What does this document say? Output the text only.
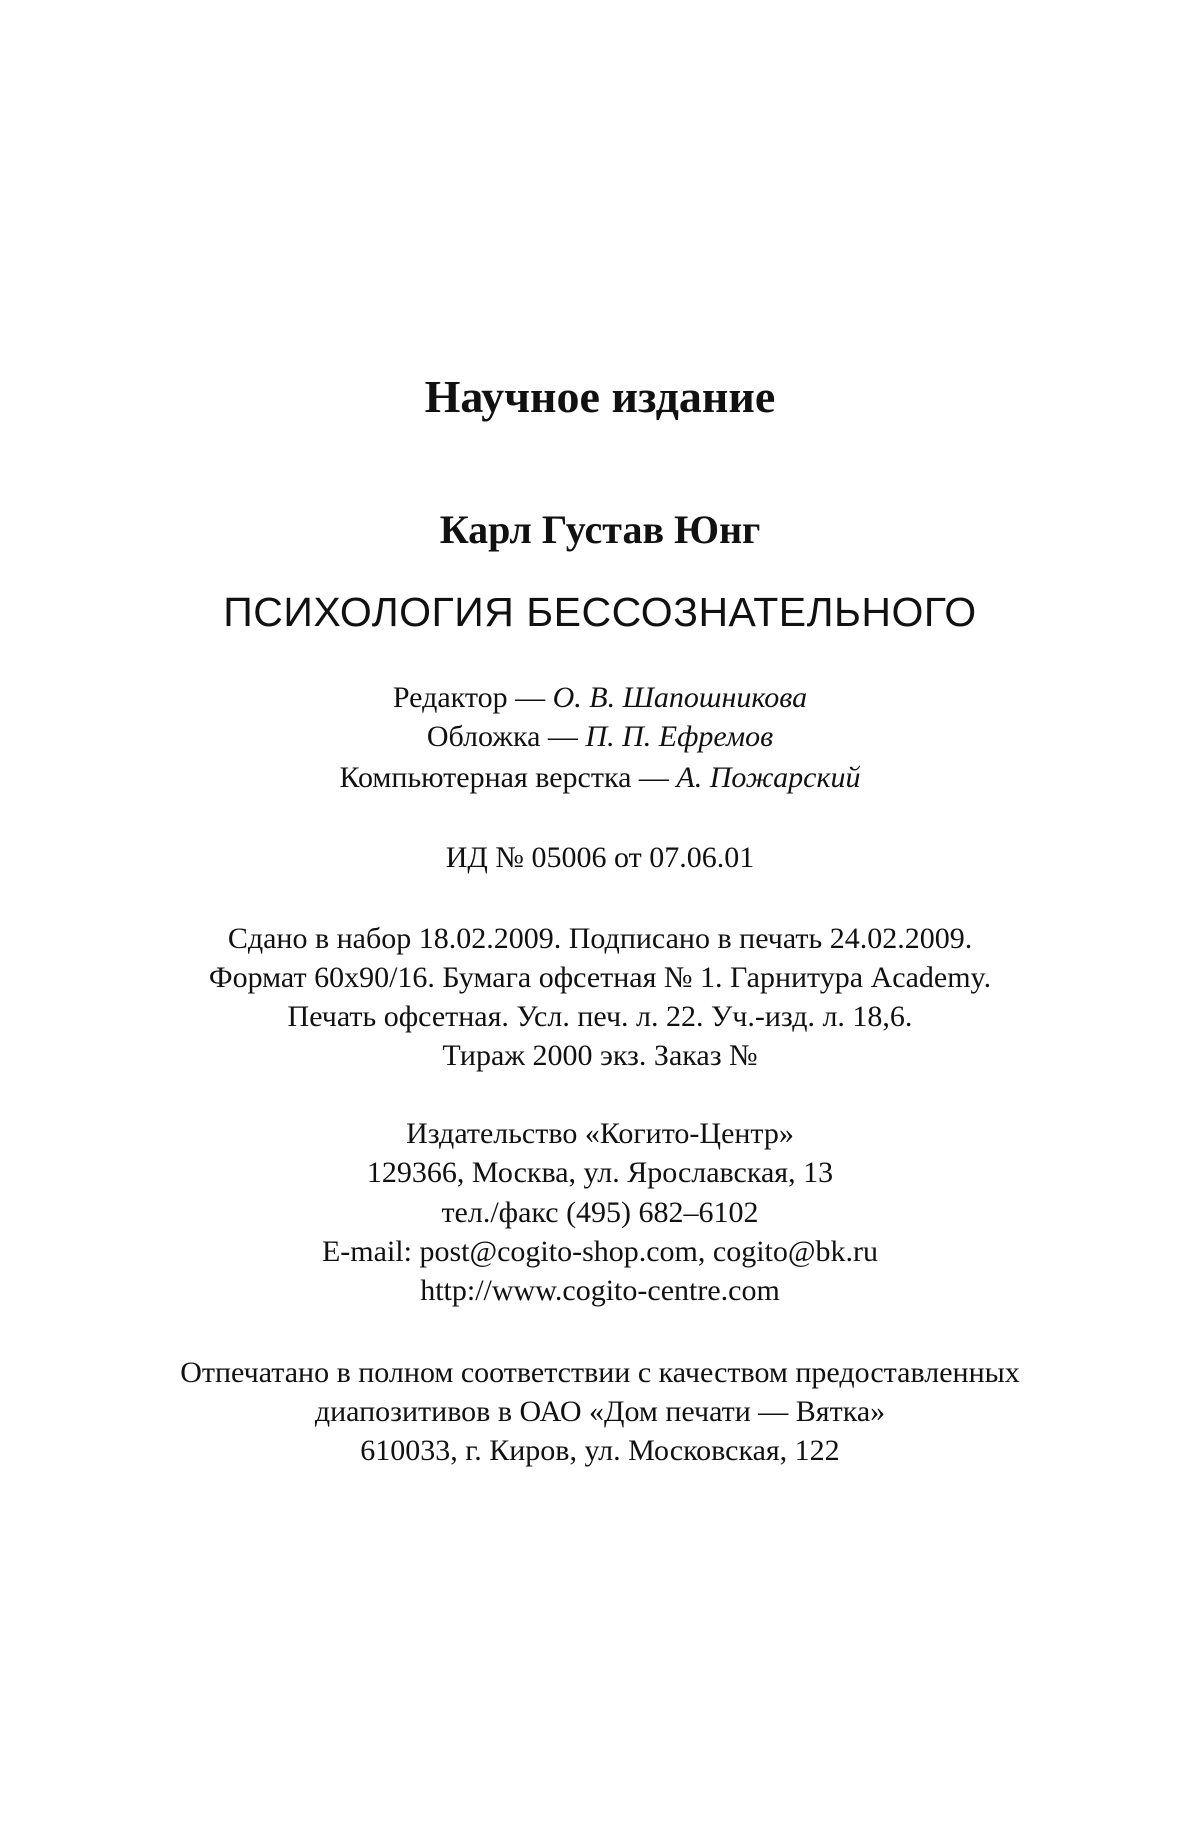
Научное издание
Карл Густав Юнг
ПСИХОЛОГИЯ БЕССОЗНАТЕЛЬНОГО
Редактор — О. В. Шапошникова
Обложка — П. П. Ефремов
Компьютерная верстка — А. Пожарский
ИД № 05006 от 07.06.01
Сдано в набор 18.02.2009. Подписано в печать 24.02.2009.
Формат 60x90/16. Бумага офсетная № 1. Гарнитура Academy.
Печать офсетная. Усл. печ. л. 22. Уч.-изд. л. 18,6.
Тираж 2000 экз. Заказ №
Издательство «Когито-Центр»
129366, Москва, ул. Ярославская, 13
тел./факс (495) 682–6102
E-mail: post@cogito-shop.com, cogito@bk.ru
http://www.cogito-centre.com
Отпечатано в полном соответствии с качеством предоставленных
диапозитивов в ОАО «Дом печати — Вятка»
610033, г. Киров, ул. Московская, 122
